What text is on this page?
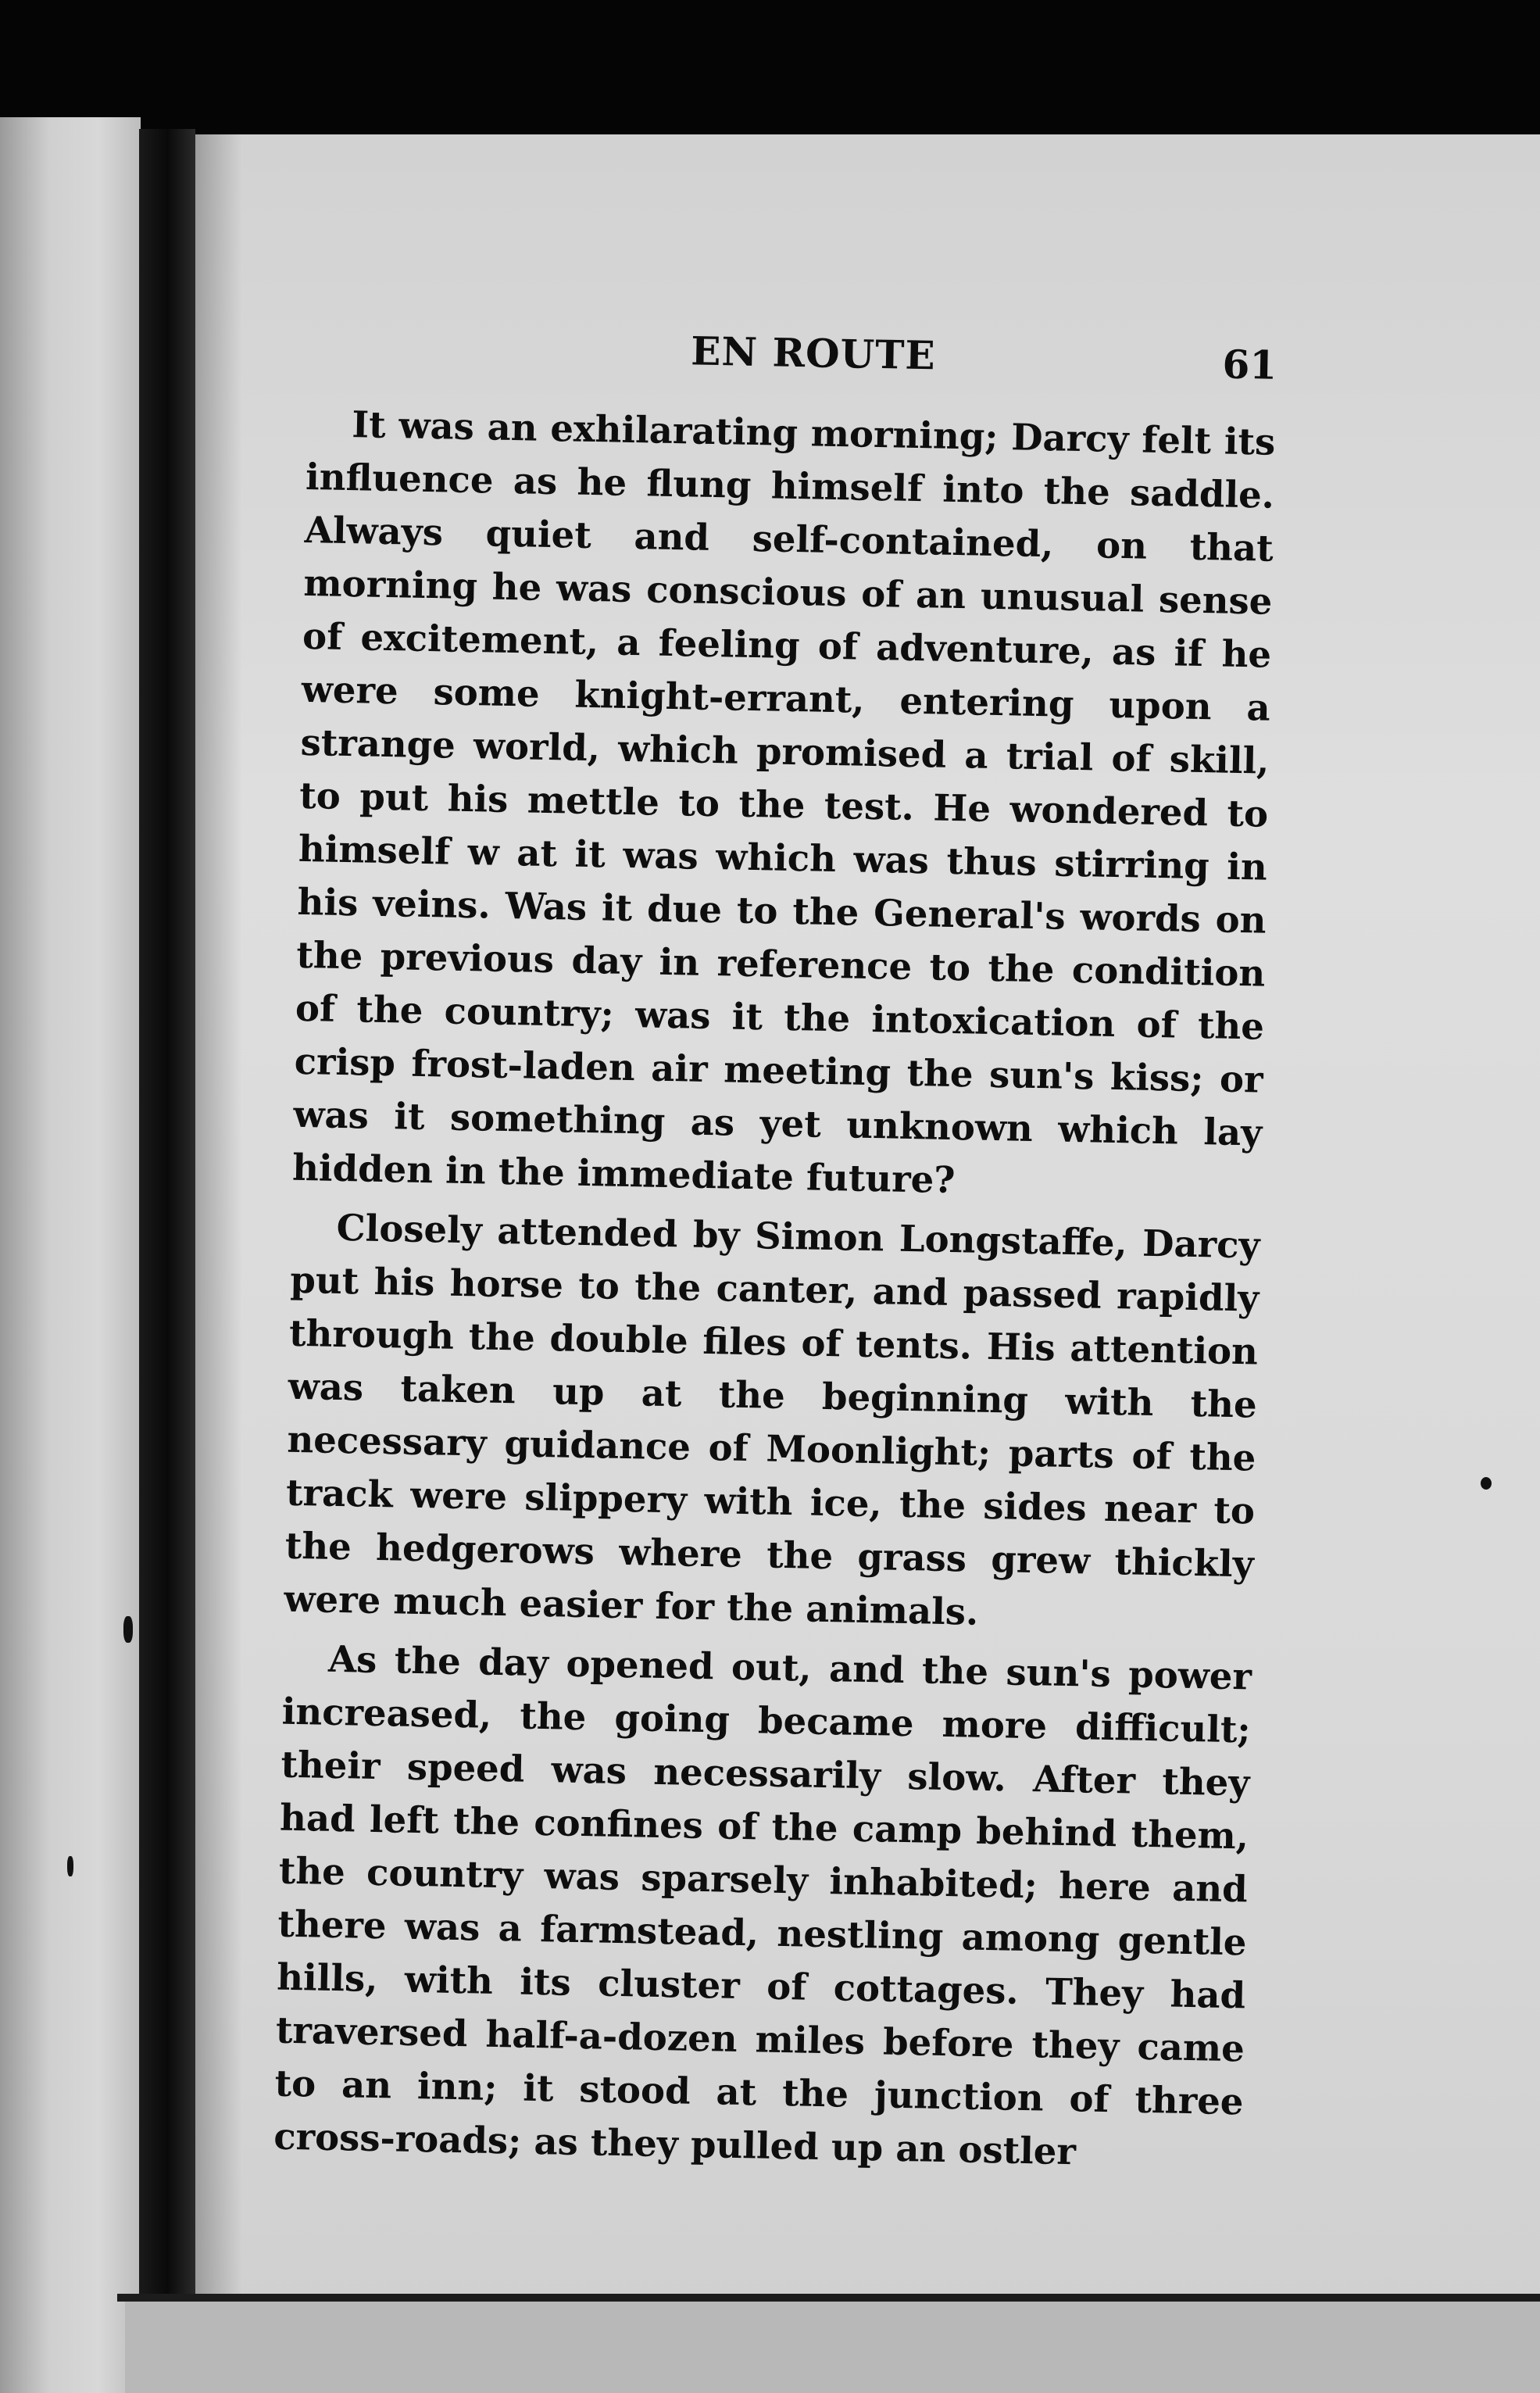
EN ROUTE	61

It was an exhilarating morning; Darcy felt its influence as he flung himself into the saddle. Always quiet and self-contained, on that morning he was conscious of an unusual sense of excitement, a feeling of adventure, as if he were some knight-errant, entering upon a strange world, which promised a trial of skill, to put his mettle to the test. He wondered to himself w at it was which was thus stirring in his veins. Was it due to the General's words on the previous day in reference to the condition of the country; was it the intoxication of the crisp frost-laden air meeting the sun's kiss; or was it something as yet unknown which lay hidden in the immediate future?

Closely attended by Simon Longstaffe, Darcy put his horse to the canter, and passed rapidly through the double files of tents. His attention was taken up at the beginning with the necessary guidance of Moonlight; parts of the track were slippery with ice, the sides near to the hedgerows where the grass grew thickly were much easier for the animals.

As the day opened out, and the sun's power increased, the going became more difficult; their speed was necessarily slow. After they had left the confines of the camp behind them, the country was sparsely inhabited; here and there was a farmstead, nestling among gentle hills, with its cluster of cottages. They had traversed half-a-dozen miles before they came to an inn; it stood at the junction of three cross-roads; as they pulled up an ostler
